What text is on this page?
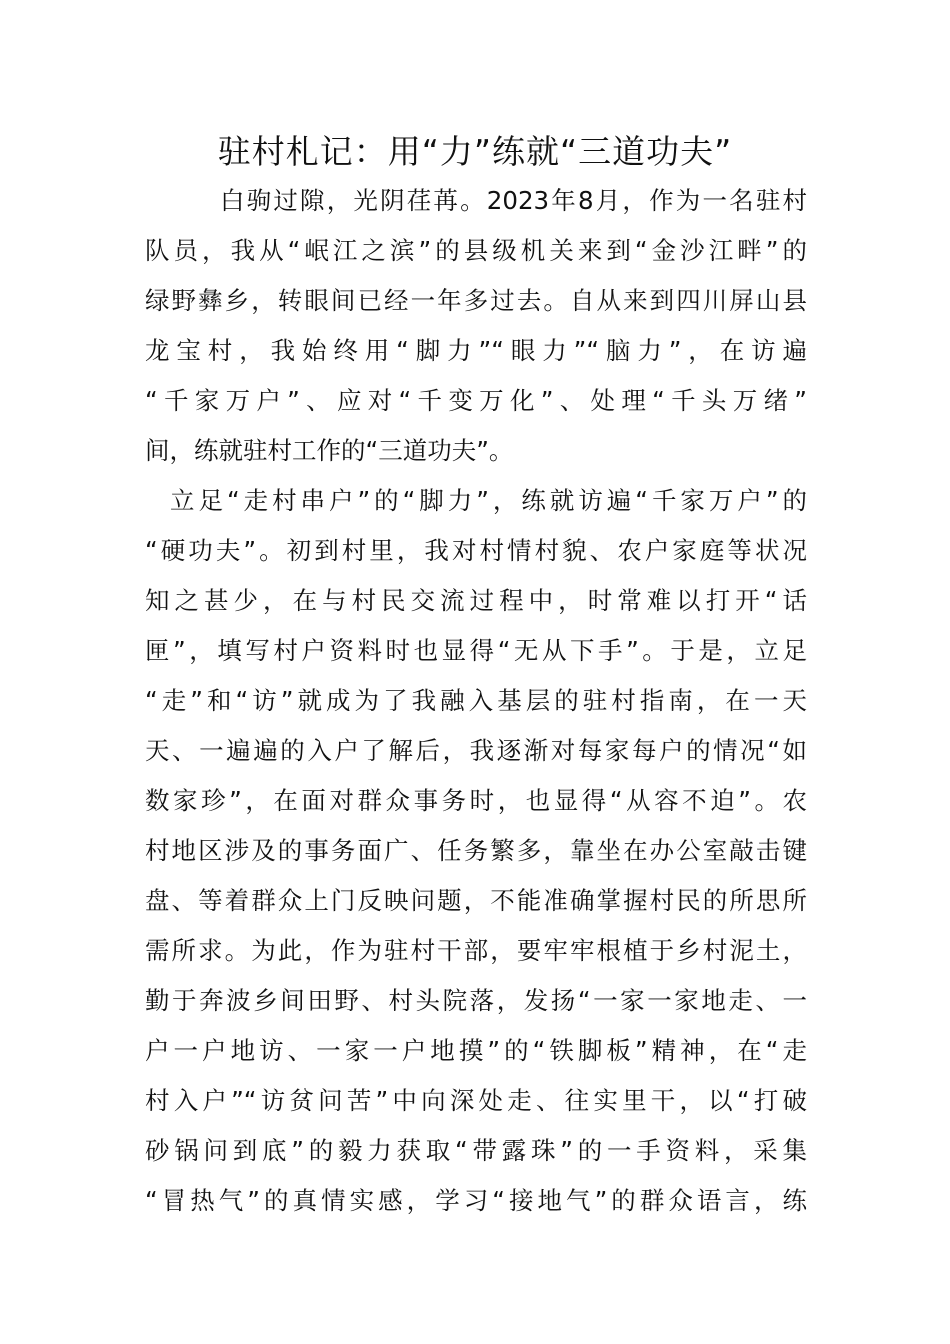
驻村札记：用“力”练就“三道功夫”
白驹过隙，光阴荏苒。2023年8月，作为一名驻村
队员，我从“岷江之滨”的县级机关来到“金沙江畔”的
绿野彝乡，转眼间已经一年多过去。自从来到四川屏山县
龙宝村，我始终用“脚力”“眼力”“脑力”，在访遍
“千家万户”、应对“千变万化”、处理“千头万绪”
间，练就驻村工作的“三道功夫”。
立足“走村串户”的“脚力”，练就访遍“千家万户”的
“硬功夫”。初到村里，我对村情村貌、农户家庭等状况
知之甚少，在与村民交流过程中，时常难以打开“话
匣”，填写村户资料时也显得“无从下手”。于是，立足
“走”和“访”就成为了我融入基层的驻村指南，在一天
天、一遍遍的入户了解后，我逐渐对每家每户的情况“如
数家珍”，在面对群众事务时，也显得“从容不迫”。农
村地区涉及的事务面广、任务繁多，靠坐在办公室敲击键
盘、等着群众上门反映问题，不能准确掌握村民的所思所
需所求。为此，作为驻村干部，要牢牢根植于乡村泥土，
勤于奔波乡间田野、村头院落，发扬“一家一家地走、一
户一户地访、一家一户地摸”的“铁脚板”精神，在“走
村入户”“访贫问苦”中向深处走、往实里干，以“打破
砂锅问到底”的毅力获取“带露珠”的一手资料，采集
“冒热气”的真情实感，学习“接地气”的群众语言，练
